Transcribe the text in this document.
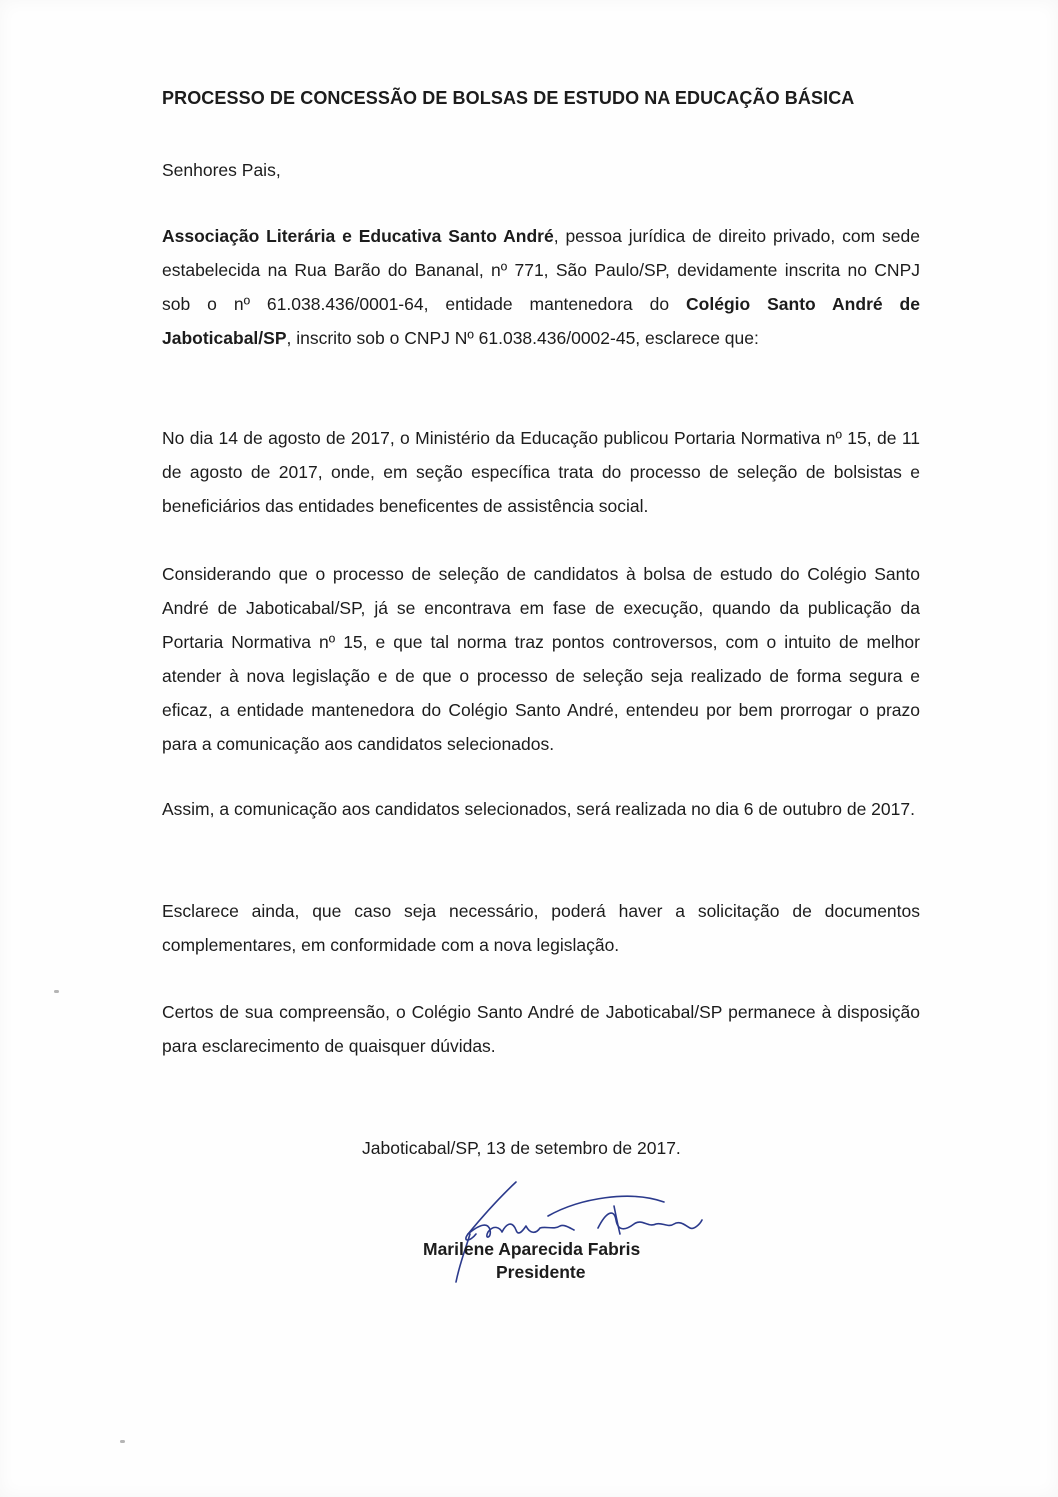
PROCESSO DE CONCESSÃO DE BOLSAS DE ESTUDO NA EDUCAÇÃO BÁSICA

Senhores Pais,

Associação Literária e Educativa Santo André, pessoa jurídica de direito privado, com sede estabelecida na Rua Barão do Bananal, nº 771, São Paulo/SP, devidamente inscrita no CNPJ sob o nº 61.038.436/0001-64, entidade mantenedora do Colégio Santo André de Jaboticabal/SP, inscrito sob o CNPJ Nº 61.038.436/0002-45, esclarece que:

No dia 14 de agosto de 2017, o Ministério da Educação publicou Portaria Normativa nº 15, de 11 de agosto de 2017, onde, em seção específica trata do processo de seleção de bolsistas e beneficiários das entidades beneficentes de assistência social.

Considerando que o processo de seleção de candidatos à bolsa de estudo do Colégio Santo André de Jaboticabal/SP, já se encontrava em fase de execução, quando da publicação da Portaria Normativa nº 15, e que tal norma traz pontos controversos, com o intuito de melhor atender à nova legislação e de que o processo de seleção seja realizado de forma segura e eficaz, a entidade mantenedora do Colégio Santo André, entendeu por bem prorrogar o prazo para a comunicação aos candidatos selecionados.

Assim, a comunicação aos candidatos selecionados, será realizada no dia 6 de outubro de 2017.

Esclarece ainda, que caso seja necessário, poderá haver a solicitação de documentos complementares, em conformidade com a nova legislação.

Certos de sua compreensão, o Colégio Santo André de Jaboticabal/SP permanece à disposição para esclarecimento de quaisquer dúvidas.

Jaboticabal/SP, 13 de setembro de 2017.
Marilene Aparecida Fabris
Presidente
